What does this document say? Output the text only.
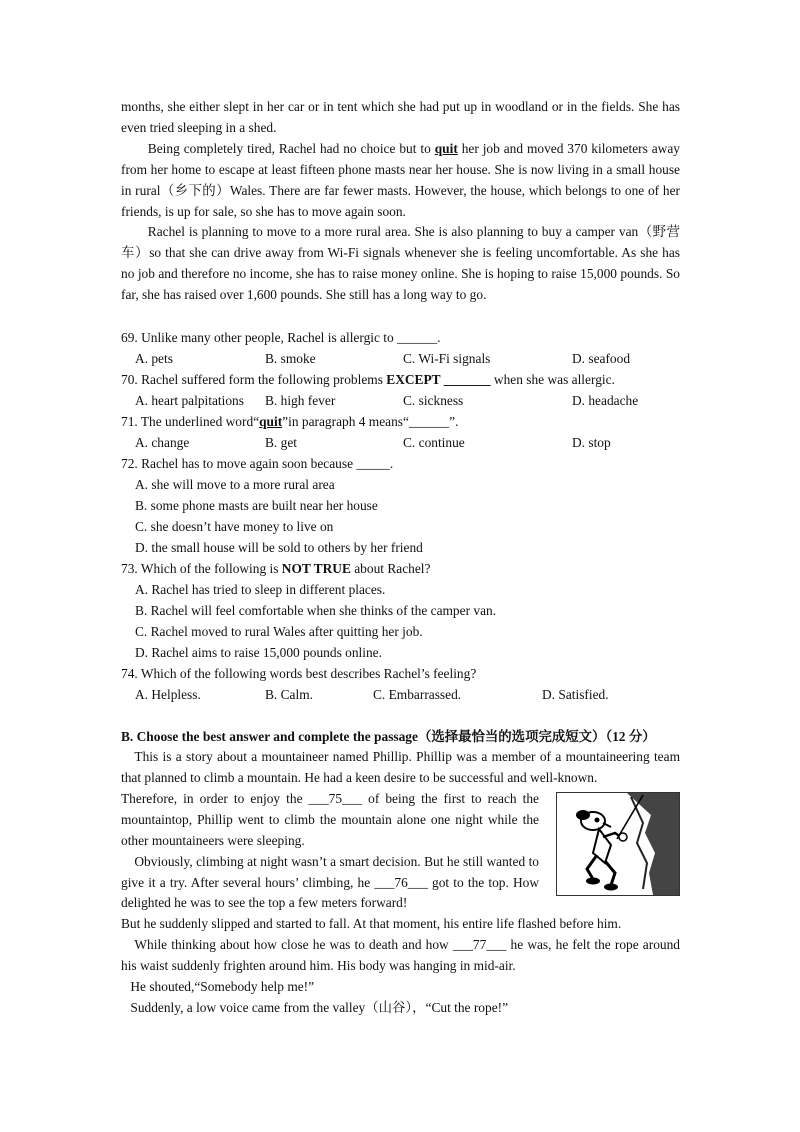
months, she either slept in her car or in tent which she had put up in woodland or in the fields. She has even tried sleeping in a shed.

Being completely tired, Rachel had no choice but to quit her job and moved 370 kilometers away from her home to escape at least fifteen phone masts near her house. She is now living in a small house in rural（乡下的）Wales. There are far fewer masts. However, the house, which belongs to one of her friends, is up for sale, so she has to move again soon.

Rachel is planning to move to a more rural area. She is also planning to buy a camper van（野营车）so that she can drive away from Wi-Fi signals whenever she is feeling uncomfortable. As she has no job and therefore no income, she has to raise money online. She is hoping to raise 15,000 pounds. So far, she has raised over 1,600 pounds. She still has a long way to go.

69. Unlike many other people, Rachel is allergic to ______.

A. pets	B. smoke	C. Wi-Fi signals	D. seafood

70. Rachel suffered form the following problems EXCEPT _______ when she was allergic.

A. heart palpitations	B. high fever	C. sickness	D. headache

71. The underlined word“quit”in paragraph 4 means“______”.

A. change	B. get	C. continue	D. stop

72. Rachel has to move again soon because _____.

A. she will move to a more rural area

B. some phone masts are built near her house

C. she doesn’t have money to live on

D. the small house will be sold to others by her friend

73. Which of the following is NOT TRUE about Rachel?

A. Rachel has tried to sleep in different places.

B. Rachel will feel comfortable when she thinks of the camper van.

C. Rachel moved to rural Wales after quitting her job.

D. Rachel aims to raise 15,000 pounds online.

74. Which of the following words best describes Rachel’s feeling?

A. Helpless.	B. Calm.	C. Embarrassed.	D. Satisfied.

B. Choose the best answer and complete the passage（选择最恰当的选项完成短文）（12 分）

This is a story about a mountaineer named Phillip. Phillip was a member of a mountaineering team that planned to climb a mountain. He had a keen desire to be successful and well-known.

Therefore, in order to enjoy the ___75___ of being the first to reach the mountaintop, Phillip went to climb the mountain alone one night while the other mountaineers were sleeping.

Obviously, climbing at night wasn’t a smart decision. But he still wanted to give it a try. After several hours’ climbing, he ___76___ got to the top. How delighted he was to see the top a few meters forward!

But he suddenly slipped and started to fall. At that moment, his entire life flashed before him.

While thinking about how close he was to death and how ___77___ he was, he felt the rope around his waist suddenly frighten around him. His body was hanging in mid-air.

He shouted,“Somebody help me!”

Suddenly, a low voice came from the valley（山谷），“Cut the rope!”
